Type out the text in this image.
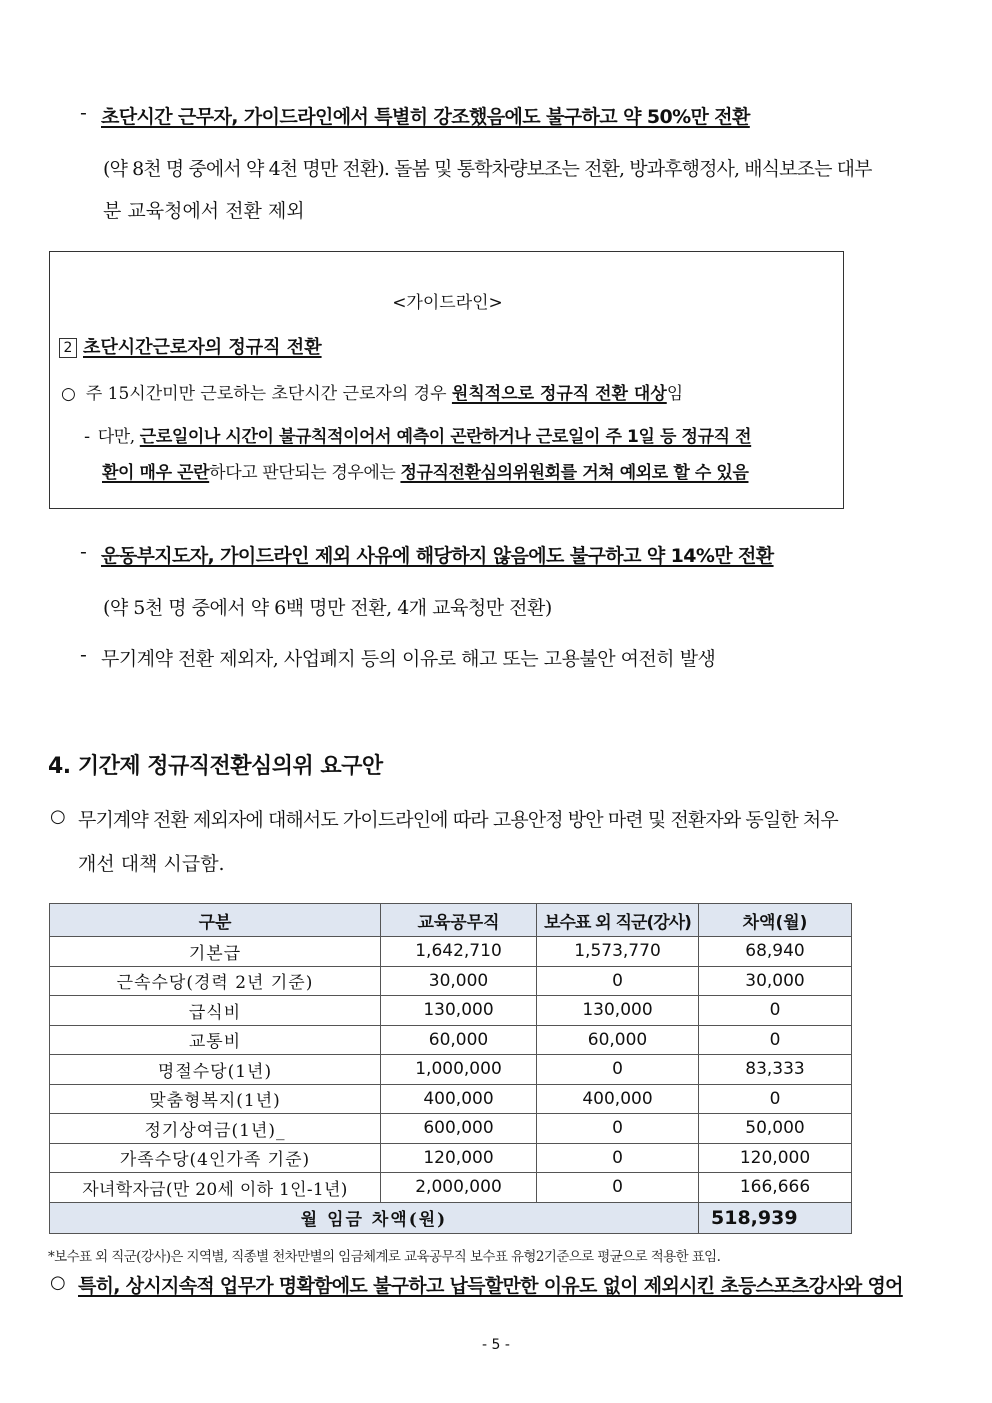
- 초단시간 근무자, 가이드라인에서 특별히 강조했음에도 불구하고 약 50%만 전환
(약 8천 명 중에서 약 4천 명만 전환). 돌봄 및 통학차량보조는 전환, 방과후행정사, 배식보조는 대부
분 교육청에서 전환 제외
<가이드라인>
2 초단시간근로자의 정규직 전환
○ 주 15시간미만 근로하는 초단시간 근로자의 경우 원칙적으로 정규직 전환 대상임
- 다만, 근로일이나 시간이 불규칙적이어서 예측이 곤란하거나 근로일이 주 1일 등 정규직 전
환이 매우 곤란하다고 판단되는 경우에는 정규직전환심의위원회를 거쳐 예외로 할 수 있음
- 운동부지도자, 가이드라인 제외 사유에 해당하지 않음에도 불구하고 약 14%만 전환
(약 5천 명 중에서 약 6백 명만 전환, 4개 교육청만 전환)
- 무기계약 전환 제외자, 사업폐지 등의 이유로 해고 또는 고용불안 여전히 발생
4. 기간제 정규직전환심의위 요구안
○ 무기계약 전환 제외자에 대해서도 가이드라인에 따라 고용안정 방안 마련 및 전환자와 동일한 처우
개선 대책 시급함.
구분	교육공무직	보수표 외 직군(강사)	차액(월)
기본급	1,642,710	1,573,770	68,940
근속수당(경력 2년 기준)	30,000	0	30,000
급식비	130,000	130,000	0
교통비	60,000	60,000	0
명절수당(1년)	1,000,000	0	83,333
맞춤형복지(1년)	400,000	400,000	0
정기상여금(1년)_	600,000	0	50,000
가족수당(4인가족 기준)	120,000	0	120,000
자녀학자금(만 20세 이하 1인-1년)	2,000,000	0	166,666
월 임금 차액(원)			518,939
*보수표 외 직군(강사)은 지역별, 직종별 천차만별의 임금체계로 교육공무직 보수표 유형2기준으로 평균으로 적용한 표임.
○ 특히, 상시지속적 업무가 명확함에도 불구하고 납득할만한 이유도 없이 제외시킨 초등스포츠강사와 영어
- 5 -
